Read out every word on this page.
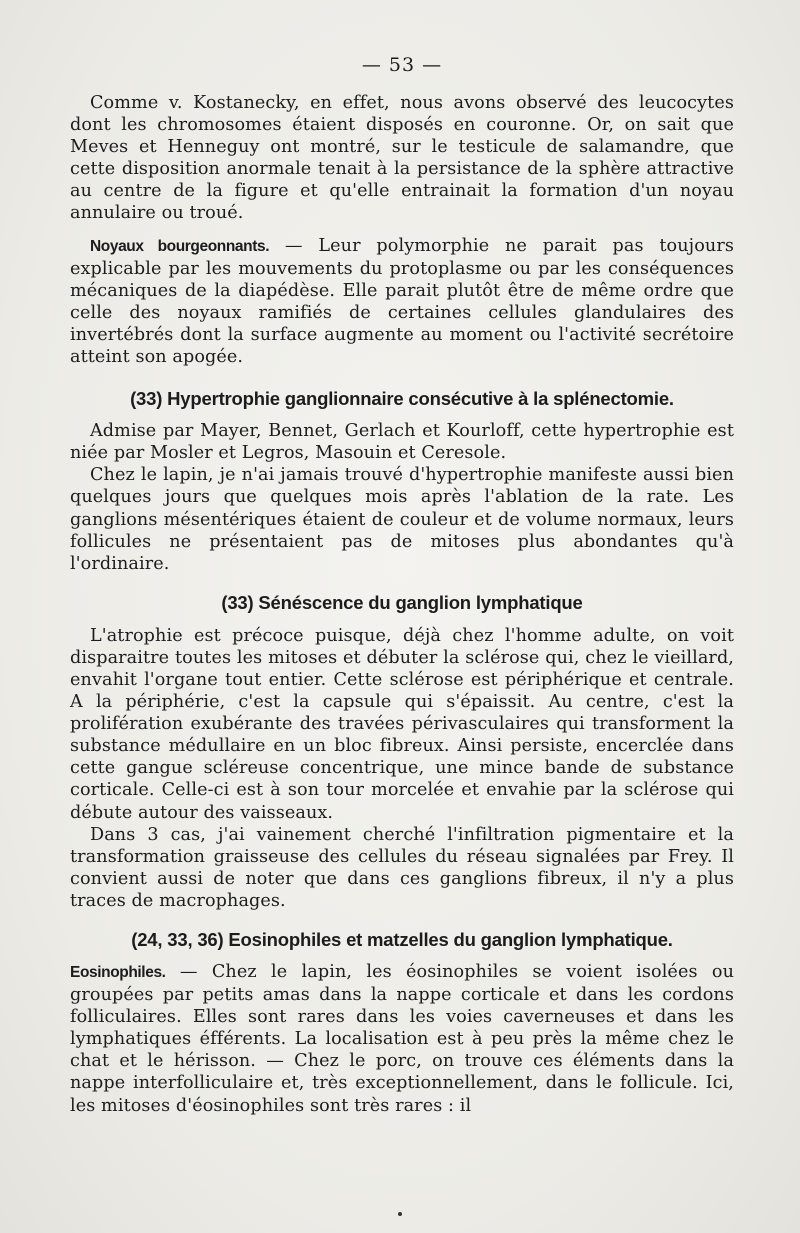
— 53 —

Comme v. Kostanecky, en effet, nous avons observé des leucocytes dont les chromosomes étaient disposés en couronne. Or, on sait que Meves et Henneguy ont montré, sur le testicule de salamandre, que cette disposition anormale tenait à la persistance de la sphère attractive au centre de la figure et qu'elle entrainait la formation d'un noyau annulaire ou troué.

Noyaux bourgeonnants. — Leur polymorphie ne parait pas toujours explicable par les mouvements du protoplasme ou par les conséquences mécaniques de la diapédèse. Elle parait plutôt être de même ordre que celle des noyaux ramifiés de certaines cellules glandulaires des invertébrés dont la surface augmente au moment ou l'activité secrétoire atteint son apogée.

(33) Hypertrophie ganglionnaire consécutive à la splénectomie.

Admise par Mayer, Bennet, Gerlach et Kourloff, cette hypertrophie est niée par Mosler et Legros, Masouin et Ceresole.

Chez le lapin, je n'ai jamais trouvé d'hypertrophie manifeste aussi bien quelques jours que quelques mois après l'ablation de la rate. Les ganglions mésentériques étaient de couleur et de volume normaux, leurs follicules ne présentaient pas de mitoses plus abondantes qu'à l'ordinaire.

(33) Sénéscence du ganglion lymphatique

L'atrophie est précoce puisque, déjà chez l'homme adulte, on voit disparaitre toutes les mitoses et débuter la sclérose qui, chez le vieillard, envahit l'organe tout entier. Cette sclérose est périphérique et centrale. A la périphérie, c'est la capsule qui s'épaissit. Au centre, c'est la prolifération exubérante des travées périvasculaires qui transforment la substance médullaire en un bloc fibreux. Ainsi persiste, encerclée dans cette gangue scléreuse concentrique, une mince bande de substance corticale. Celle-ci est à son tour morcelée et envahie par la sclérose qui débute autour des vaisseaux.

Dans 3 cas, j'ai vainement cherché l'infiltration pigmentaire et la transformation graisseuse des cellules du réseau signalées par Frey. Il convient aussi de noter que dans ces ganglions fibreux, il n'y a plus traces de macrophages.

(24, 33, 36) Eosinophiles et matzelles du ganglion lymphatique.

Eosinophiles. — Chez le lapin, les éosinophiles se voient isolées ou groupées par petits amas dans la nappe corticale et dans les cordons folliculaires. Elles sont rares dans les voies caverneuses et dans les lymphatiques éfférents. La localisation est à peu près la même chez le chat et le hérisson. — Chez le porc, on trouve ces éléments dans la nappe interfolliculaire et, très exceptionnellement, dans le follicule. Ici, les mitoses d'éosinophiles sont très rares : il
